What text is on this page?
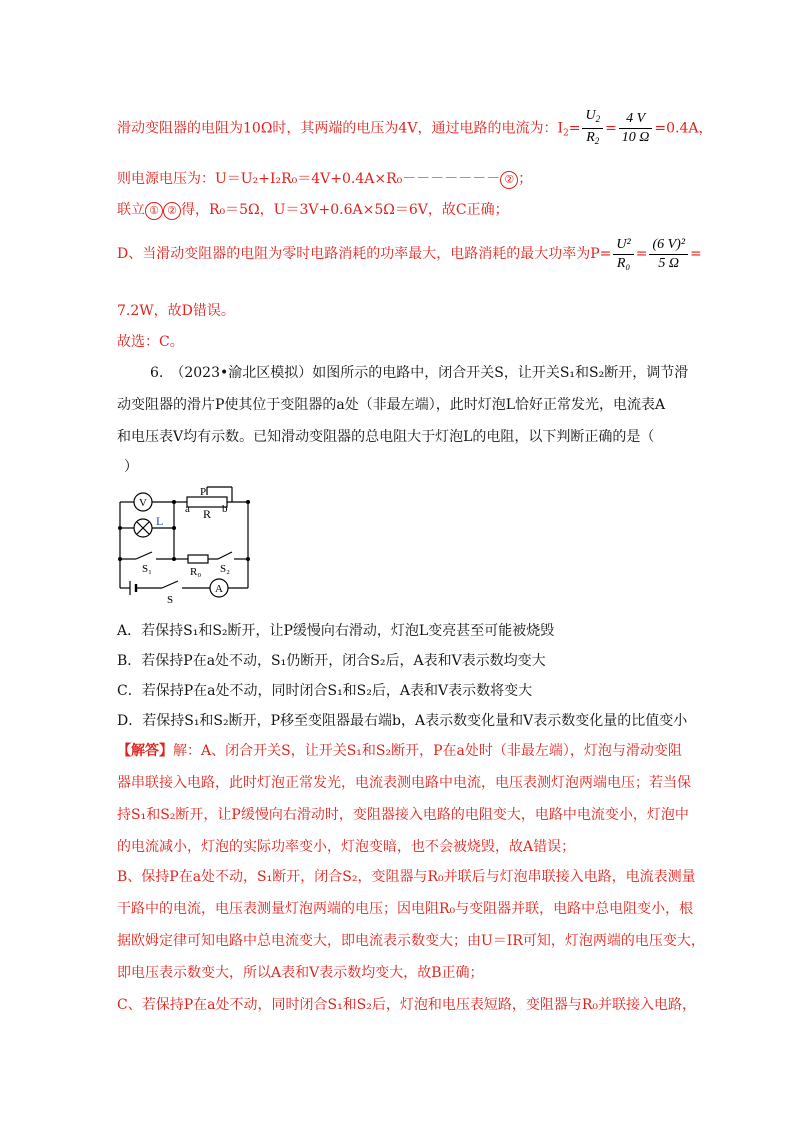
滑动变阻器的电阻为10Ω时，其两端的电压为4V，通过电路的电流为：$I_2= \frac{U_2}{R_2} = \frac{4 V}{10 \Omega} =0.4A$，
则电源电压为：U＝U₂+I₂R₀＝4V+0.4A×R₀－－－－－－－ ② ；
联立 ① ② 得，R₀＝5Ω，U＝3V+0.6A×5Ω＝6V，故C正确；
D、当滑动变阻器的电阻为零时电路消耗的功率最大，电路消耗的最大功率为$P= \frac{\text{U²}}{\text{R₀}} = \frac{\text{(6 V)²}}{5 \Omega}$ =
7.2W，故D错误。
故选：C。
6.　（2023•渝北区模拟）如图所示的电路中，闭合开关S，让开关S₁和S₂断开，调节滑
动变阻器的滑片P使其位于变阻器的a处（非最左端），此时灯泡L恰好正常发光，电流表A
和电压表V均有示数。已知滑动变阻器的总电阻大于灯泡L的电阻，以下判断正确的是（
）
V
L
A
P
a R b
S₁	R₀ S₂
S
A．若保持S₁和S₂断开，让P缓慢向右滑动，灯泡L变亮甚至可能被烧毁
B．若保持P在a处不动，S₁仍断开，闭合S₂后，A表和V表示数均变大
C．若保持P在a处不动，同时闭合S₁和S₂后，A表和V表示数将变大
D．若保持S₁和S₂断开，P移至变阻器最右端b，A表示数变化量和V表示数变化量的比值变小
【解答】解：A、闭合开关S，让开关S₁和S₂断开，P在a处时（非最左端），灯泡与滑动变阻
器串联接入电路，此时灯泡正常发光，电流表测电路中电流，电压表测灯泡两端电压；若当保
持S₁和S₂断开，让P缓慢向右滑动时，变阻器接入电路的电阻变大，电路中电流变小，灯泡中
的电流减小，灯泡的实际功率变小，灯泡变暗，也不会被烧毁，故A错误；
B、保持P在a处不动，S₁断开，闭合S₂，变阻器与R₀并联后与灯泡串联接入电路，电流表测量
干路中的电流，电压表测量灯泡两端的电压；因电阻R₀与变阻器并联，电路中总电阻变小，根
据欧姆定律可知电路中总电流变大，即电流表示数变大；由U＝IR可知，灯泡两端的电压变大，
即电压表示数变大，所以A表和V表示数均变大，故B正确；
C、若保持P在a处不动，同时闭合S₁和S₂后，灯泡和电压表短路，变阻器与R₀并联接入电路，
